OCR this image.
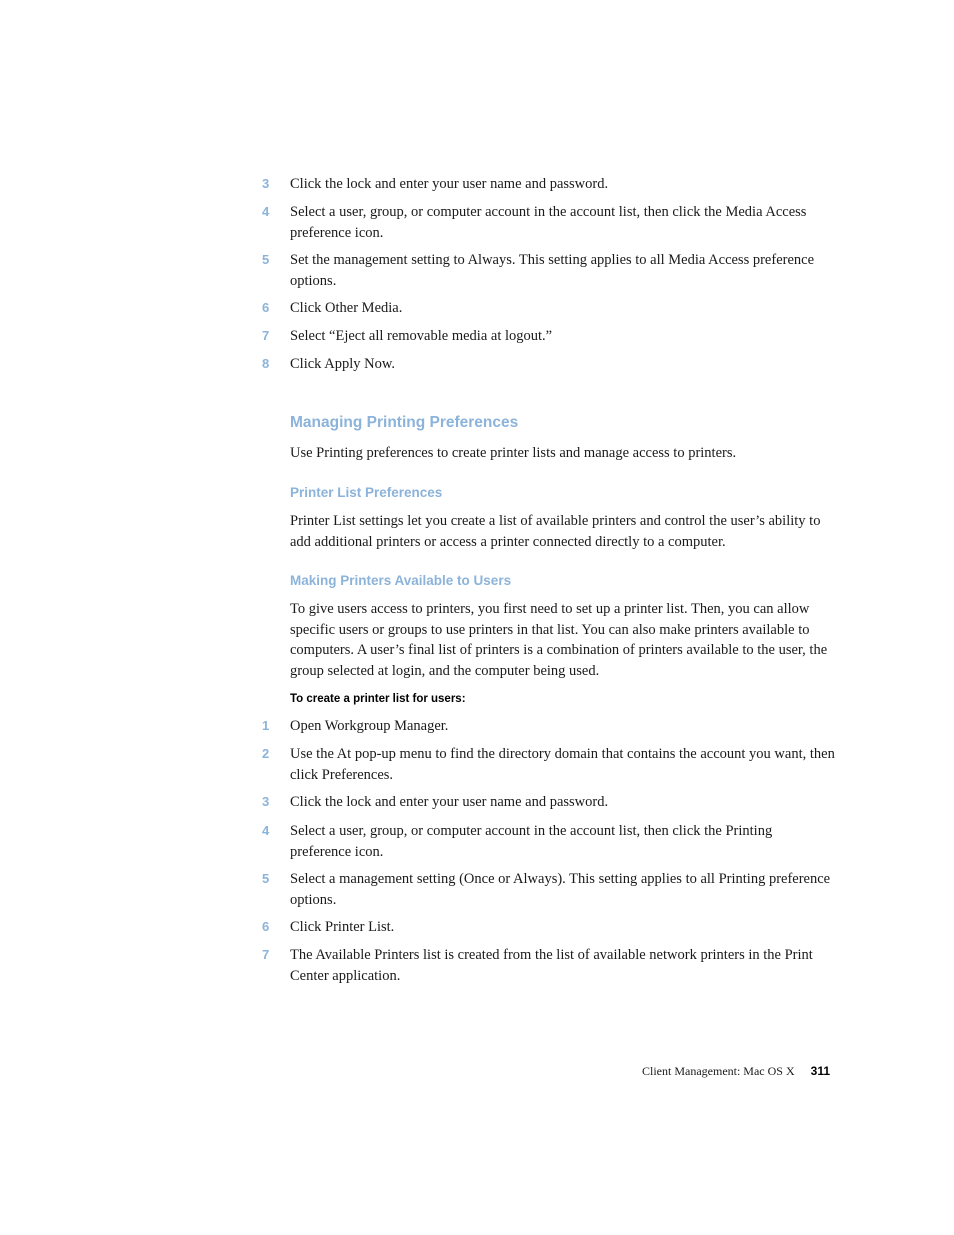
3	Click the lock and enter your user name and password.
4	Select a user, group, or computer account in the account list, then click the Media Access preference icon.
5	Set the management setting to Always. This setting applies to all Media Access preference options.
6	Click Other Media.
7	Select “Eject all removable media at logout.”
8	Click Apply Now.
Managing Printing Preferences
Use Printing preferences to create printer lists and manage access to printers.
Printer List Preferences
Printer List settings let you create a list of available printers and control the user’s ability to add additional printers or access a printer connected directly to a computer.
Making Printers Available to Users
To give users access to printers, you first need to set up a printer list. Then, you can allow specific users or groups to use printers in that list. You can also make printers available to computers. A user’s final list of printers is a combination of printers available to the user, the group selected at login, and the computer being used.
To create a printer list for users:
1	Open Workgroup Manager.
2	Use the At pop-up menu to find the directory domain that contains the account you want, then click Preferences.
3	Click the lock and enter your user name and password.
4	Select a user, group, or computer account in the account list, then click the Printing preference icon.
5	Select a management setting (Once or Always). This setting applies to all Printing preference options.
6	Click Printer List.
7	The Available Printers list is created from the list of available network printers in the Print Center application.
Client Management: Mac OS X 311
